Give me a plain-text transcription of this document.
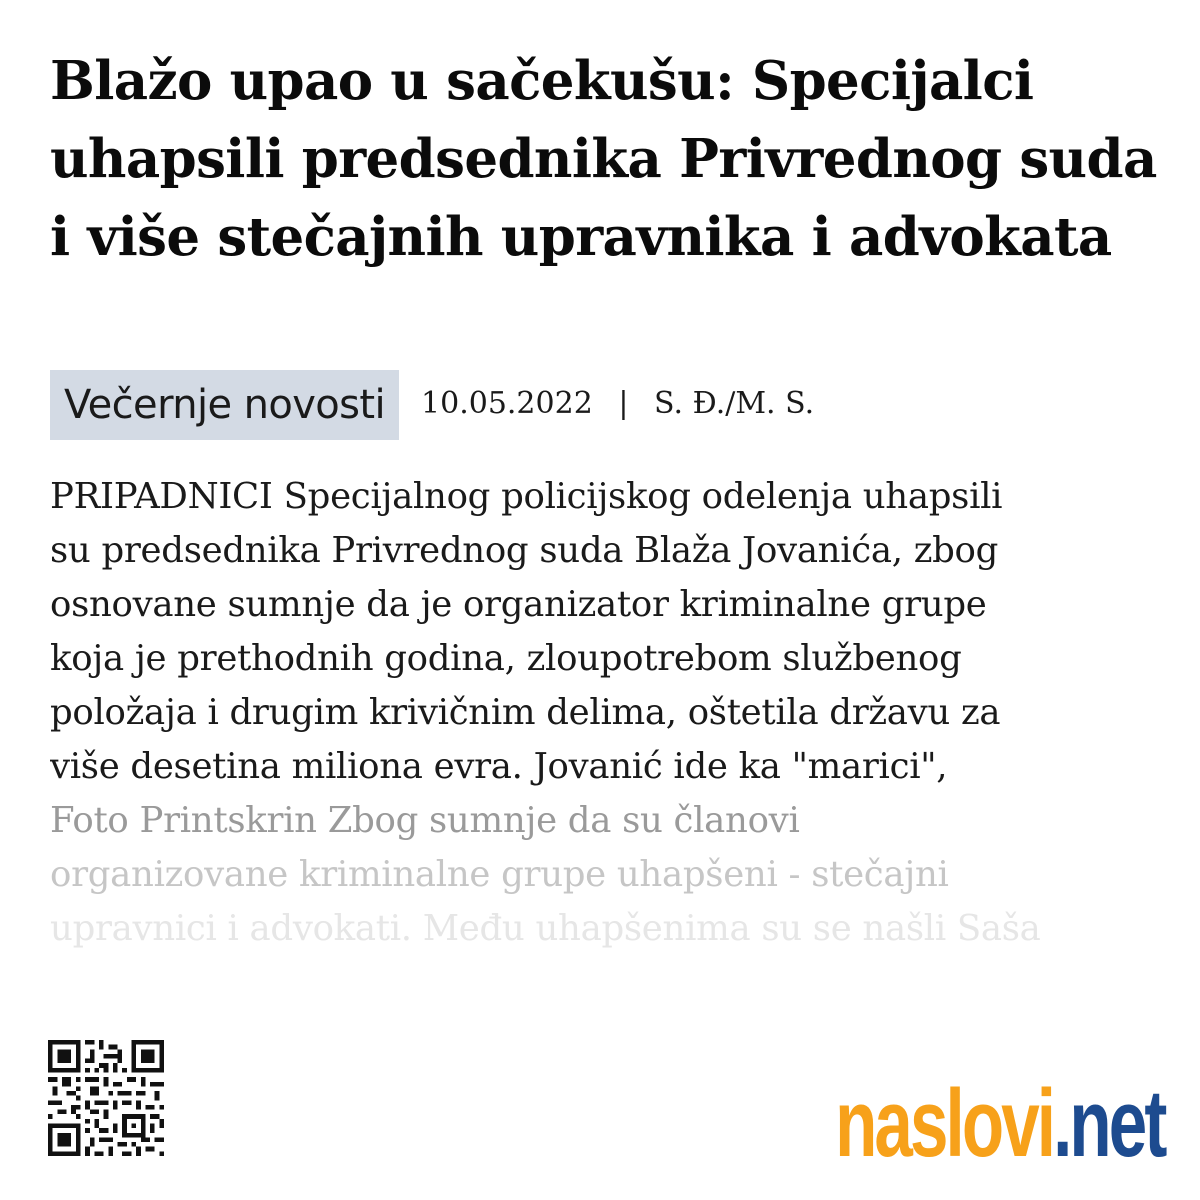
Blažo upao u sačekušu: Specijalci uhapsili predsednika Privrednog suda i više stečajnih upravnika i advokata
Večernje novosti	10.05.2022 | S. Đ./M. S.
PRIPADNICI Specijalnog policijskog odelenja uhapsili
su predsednika Privrednog suda Blaža Jovanića, zbog
osnovane sumnje da je organizator kriminalne grupe
koja je prethodnih godina, zloupotrebom službenog
položaja i drugim krivičnim delima, oštetila državu za
više desetina miliona evra. Jovanić ide ka "marici",
Foto Printskrin Zbog sumnje da su članovi
organizovane kriminalne grupe uhapšeni - stečajni
upravnici i advokati. Među uhapšenima su se našli Saša
naslovi .net
